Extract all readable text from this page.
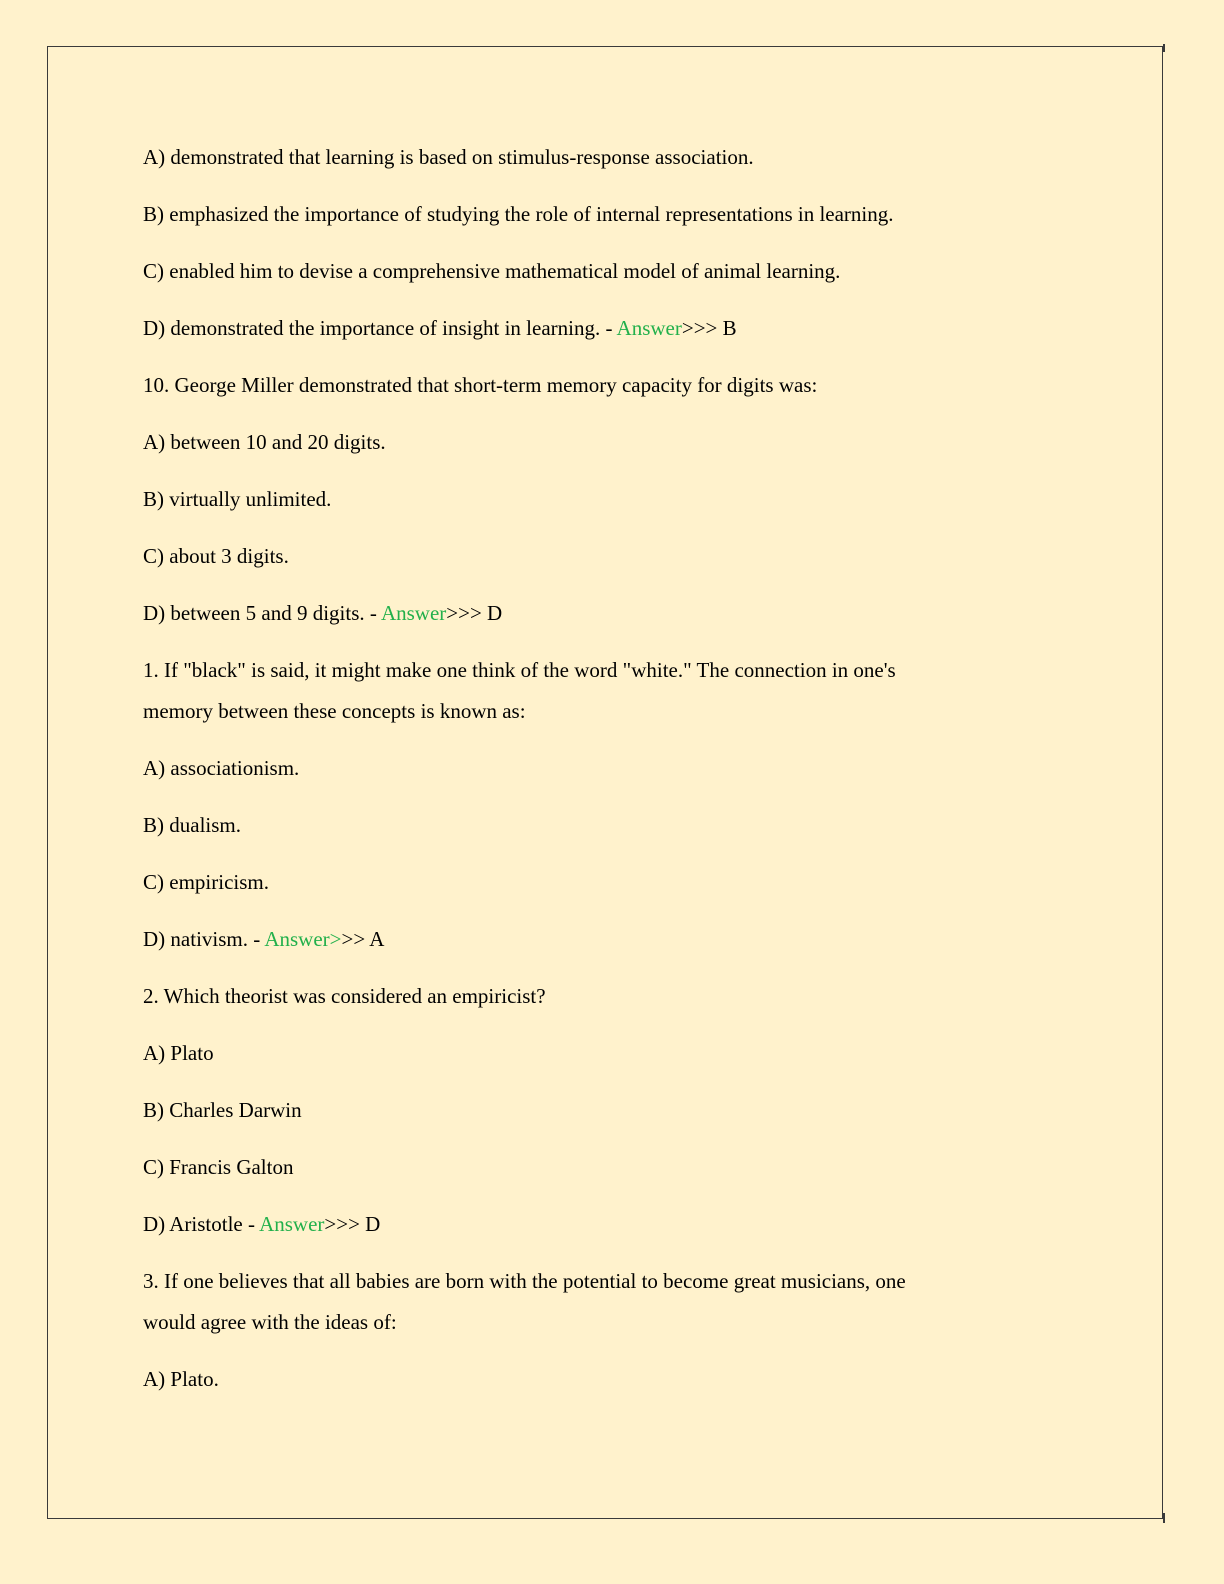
A) demonstrated that learning is based on stimulus-response association.

B) emphasized the importance of studying the role of internal representations in learning.

C) enabled him to devise a comprehensive mathematical model of animal learning.

D) demonstrated the importance of insight in learning. - Answer>>> B

10. George Miller demonstrated that short-term memory capacity for digits was:

A) between 10 and 20 digits.

B) virtually unlimited.

C) about 3 digits.

D) between 5 and 9 digits. - Answer>>> D

1. If "black" is said, it might make one think of the word "white." The connection in one's

memory between these concepts is known as:

A) associationism.

B) dualism.

C) empiricism.

D) nativism. - Answer>>> A

2. Which theorist was considered an empiricist?

A) Plato

B) Charles Darwin

C) Francis Galton

D) Aristotle - Answer>>> D

3. If one believes that all babies are born with the potential to become great musicians, one

would agree with the ideas of:

A) Plato.
